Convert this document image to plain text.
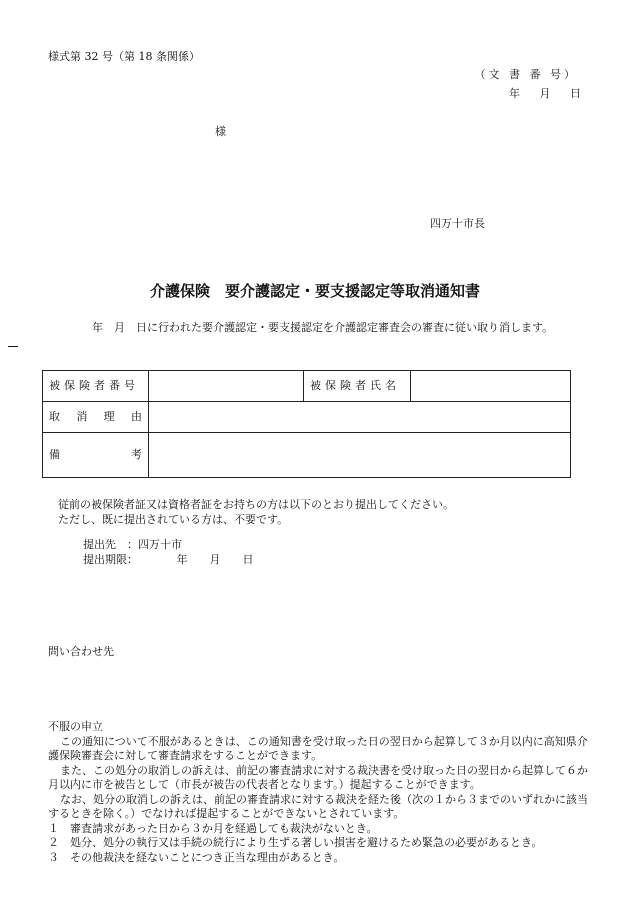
様式第 32 号（第 18 条関係）
（文 書 番 号）
年 月 日
様
四万十市長
介護保険　要介護認定・要支援認定等取消通知書
年　月　日に行われた要介護認定・要支援認定を介護認定審査会の審査に従い取り消します。
被保険者番号		被保険者氏名	

取 消 理 由			

備 考			

従前の被保険者証又は資格者証をお持ちの方は以下のとおり提出してください。
ただし、既に提出されている方は、不要です。
提出先　：四万十市
提出期限：　　　　年　　月　　日
問い合わせ先

不服の申立

この通知について不服があるときは、この通知書を受け取った日の翌日から起算して３か月以内に高知県介護保険審査会に対して審査請求をすることができます。

また、この処分の取消しの訴えは、前記の審査請求に対する裁決書を受け取った日の翌日から起算して６か月以内に市を被告として（市長が被告の代表者となります。）提起することができます。

なお、処分の取消しの訴えは、前記の審査請求に対する裁決を経た後（次の１から３までのいずれかに該当するときを除く。）でなければ提起することができないとされています。

１　審査請求があった日から３か月を経過しても裁決がないとき。

２　処分、処分の執行又は手続の続行により生ずる著しい損害を避けるため緊急の必要があるとき。

３　その他裁決を経ないことにつき正当な理由があるとき。
